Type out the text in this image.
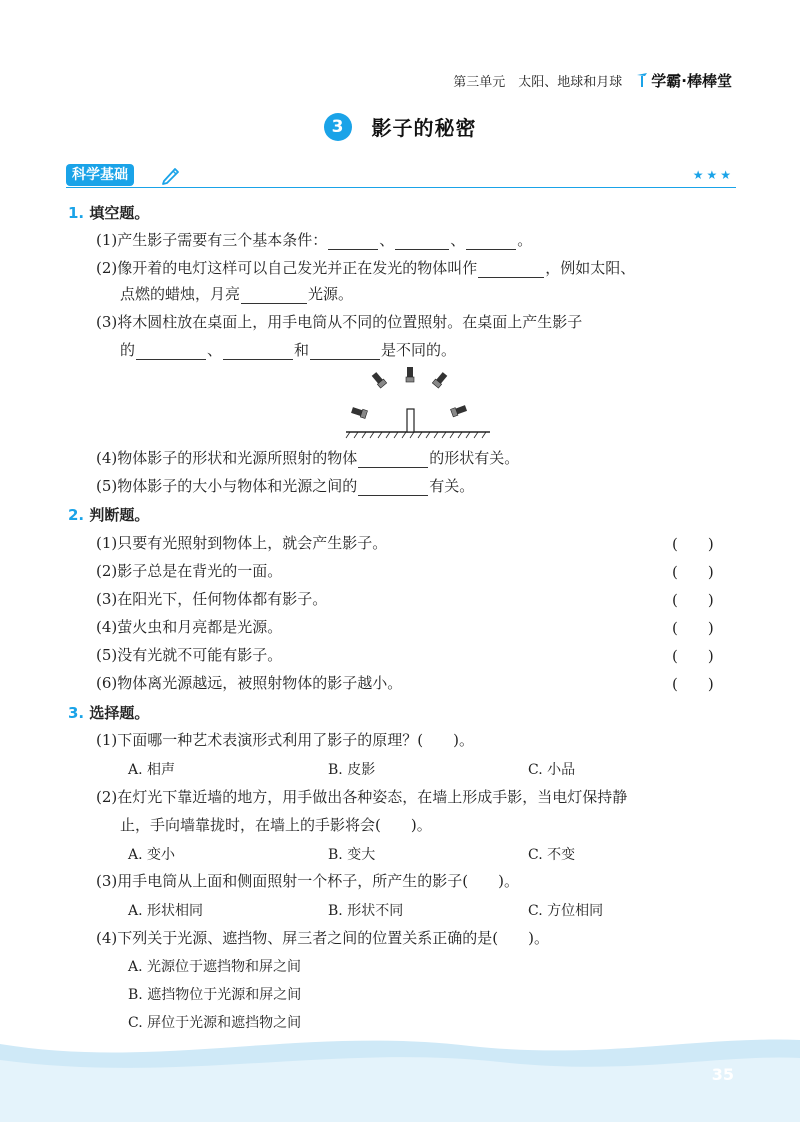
第三单元　太阳、地球和月球 学霸·棒棒堂
3	影子的秘密
科学基础	★★★
1. 填空题。
(1)产生影子需要有三个基本条件：	、	、	。
(2)像开着的电灯这样可以自己发光并正在发光的物体叫作	，例如太阳、
点燃的蜡烛，月亮	光源。
(3)将木圆柱放在桌面上，用手电筒从不同的位置照射。在桌面上产生影子
的	、	和	是不同的。
(4)物体影子的形状和光源所照射的物体	的形状有关。
(5)物体影子的大小与物体和光源之间的	有关。
2. 判断题。
(1)只要有光照射到物体上，就会产生影子。	(　　)
(2)影子总是在背光的一面。	(　　)
(3)在阳光下，任何物体都有影子。	(　　)
(4)萤火虫和月亮都是光源。	(　　)
(5)没有光就不可能有影子。	(　　)
(6)物体离光源越远，被照射物体的影子越小。	(　　)
3. 选择题。
(1)下面哪一种艺术表演形式利用了影子的原理？(　　)。
A. 相声	B. 皮影	C. 小品
(2)在灯光下靠近墙的地方，用手做出各种姿态，在墙上形成手影，当电灯保持静
止，手向墙靠拢时，在墙上的手影将会(　　)。
A. 变小	B. 变大	C. 不变
(3)用手电筒从上面和侧面照射一个杯子，所产生的影子(　　)。
A. 形状相同	B. 形状不同	C. 方位相同
(4)下列关于光源、遮挡物、屏三者之间的位置关系正确的是(　　)。
A. 光源位于遮挡物和屏之间
B. 遮挡物位于光源和屏之间
C. 屏位于光源和遮挡物之间
35
